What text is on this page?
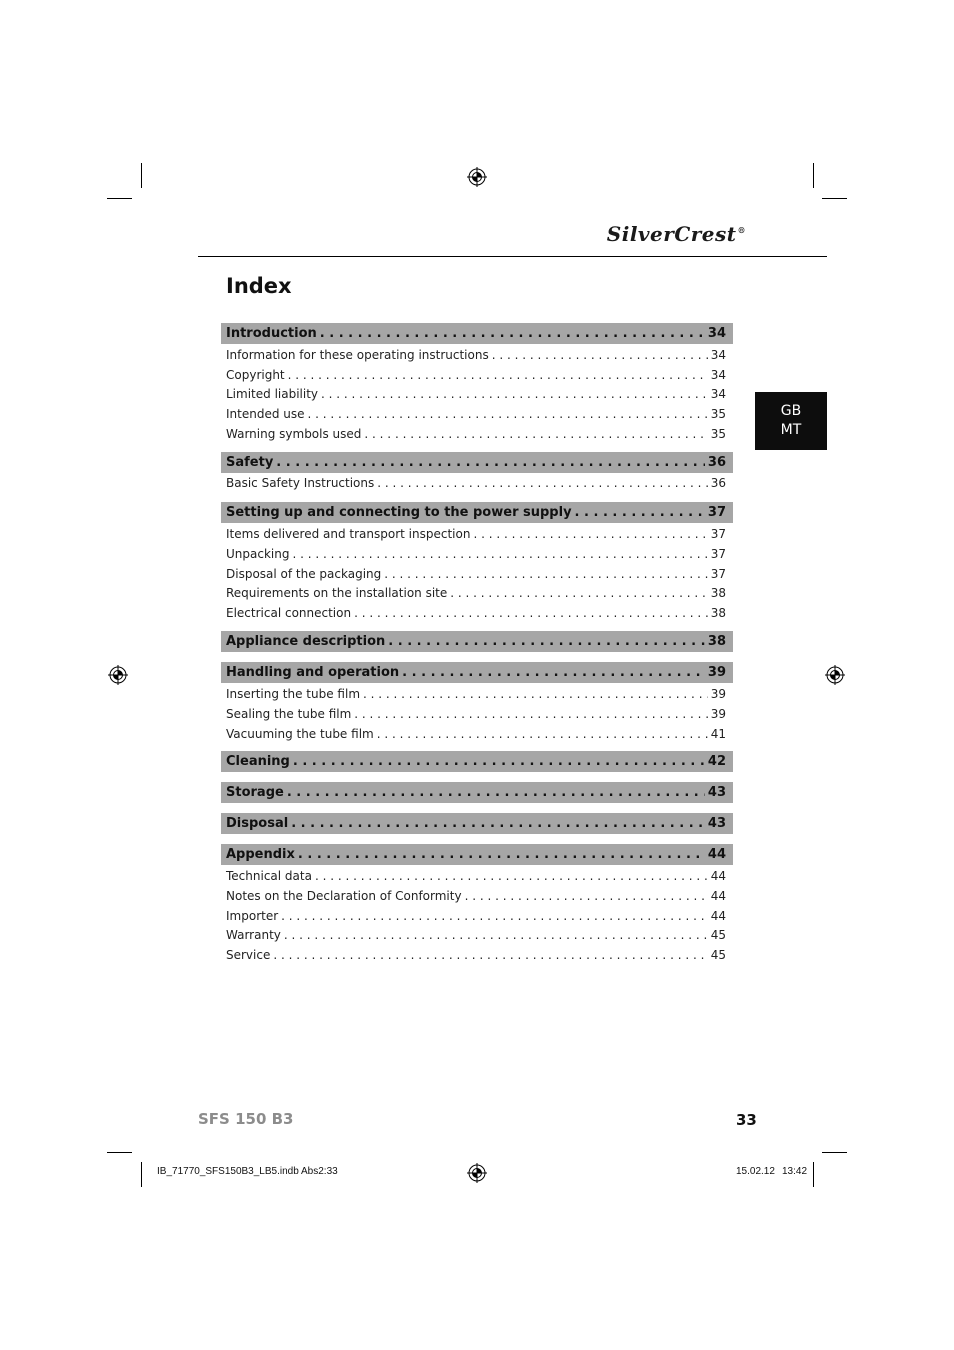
SilverCrest®
Index
GB
MT
Introduction . . .	34
Information for these operating instructions . . .	34
Copyright . . .	34
Limited liability . . .	34
Intended use . . .	35
Warning symbols used . . .	35
Safety . . .	36
Basic Safety Instructions . . .	36
Setting up and connecting to the power supply . . .	37
Items delivered and transport inspection . . .	37
Unpacking . . .	37
Disposal of the packaging . . .	37
Requirements on the installation site . . .	38
Electrical connection . . .	38
Appliance description . . .	38
Handling and operation . . .	39
Inserting the tube film . . .	39
Sealing the tube film . . .	39
Vacuuming the tube film . . .	41
Cleaning . . .	42
Storage . . .	43
Disposal . . .	43
Appendix . . .	44
Technical data . . .	44
Notes on the Declaration of Conformity . . .	44
Importer . . .	44
Warranty . . .	45
Service . . .	45
SFS 150 B3	33
IB_71770_SFS150B3_LB5.indb Abs2:33	15.02.12 13:42
